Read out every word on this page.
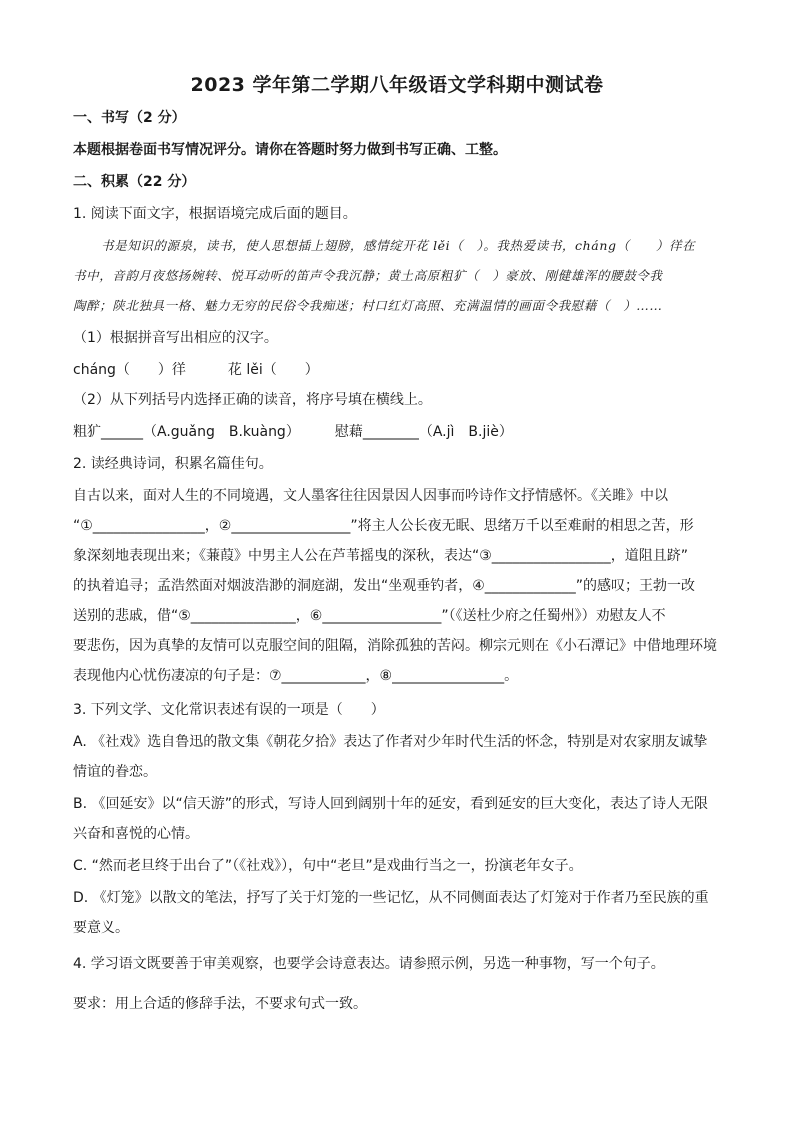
2023 学年第二学期八年级语文学科期中测试卷
一、书写（2 分）
本题根据卷面书写情况评分。请你在答题时努力做到书写正确、工整。
二、积累（22 分）
1. 阅读下面文字，根据语境完成后面的题目。
书是知识的源泉，读书，使人思想插上翅膀，感情绽开花 lěi（　）。我热爱读书，cháng（　　）徉在
书中，音韵月夜悠扬婉转、悦耳动听的笛声令我沉静；黄土高原粗犷（　）豪放、刚健雄浑的腰鼓令我
陶醉；陕北独具一格、魅力无穷的民俗令我痴迷；村口红灯高照、充满温情的画面令我慰藉（　）……
（1）根据拼音写出相应的汉字。
cháng（　　）徉　　　花 lěi（　　）
（2）从下列括号内选择正确的读音，将序号填在横线上。
粗犷______（A.guǎng　B.kuàng）　　　慰藉________（A.jì　B.jiè）
2. 读经典诗词，积累名篇佳句。
自古以来，面对人生的不同境遇，文人墨客往往因景因人因事而吟诗作文抒情感怀。《关雎》中以
“①________________，②_________________”将主人公长夜无眠、思绪万千以至难耐的相思之苦，形
象深刻地表现出来；《蒹葭》中男主人公在芦苇摇曳的深秋，表达“③_________________，道阻且跻”
的执着追寻；孟浩然面对烟波浩渺的洞庭湖，发出“坐观垂钓者，④_____________”的感叹；王勃一改
送别的悲戚，借“⑤_______________，⑥_________________”（《送杜少府之任蜀州》）劝慰友人不
要悲伤，因为真挚的友情可以克服空间的阻隔，消除孤独的苦闷。柳宗元则在《小石潭记》中借地理环境
表现他内心忧伤凄凉的句子是：⑦____________，⑧________________。
3. 下列文学、文化常识表述有误的一项是（　　）
A. 《社戏》选自鲁迅的散文集《朝花夕拾》表达了作者对少年时代生活的怀念，特别是对农家朋友诚挚
情谊的眷恋。
B. 《回延安》以“信天游”的形式，写诗人回到阔别十年的延安，看到延安的巨大变化，表达了诗人无限
兴奋和喜悦的心情。
C. “然而老旦终于出台了”（《社戏》），句中“老旦”是戏曲行当之一，扮演老年女子。
D. 《灯笼》以散文的笔法，抒写了关于灯笼的一些记忆，从不同侧面表达了灯笼对于作者乃至民族的重
要意义。
4. 学习语文既要善于审美观察，也要学会诗意表达。请参照示例，另选一种事物，写一个句子。
要求：用上合适的修辞手法，不要求句式一致。
